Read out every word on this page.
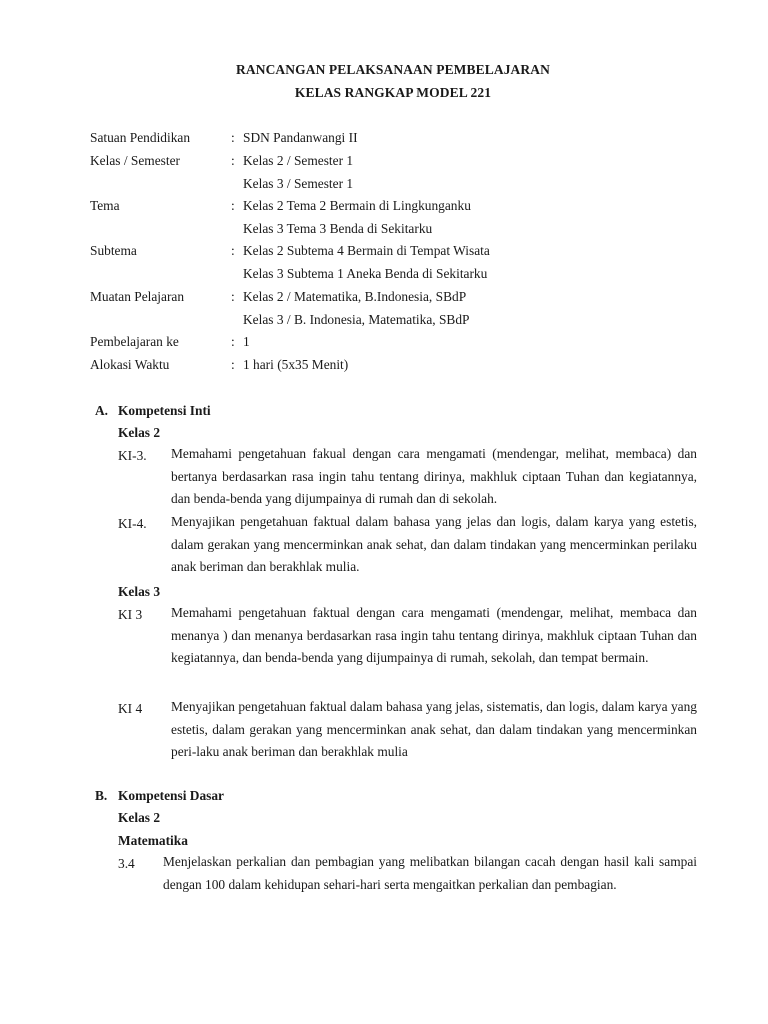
RANCANGAN PELAKSANAAN PEMBELAJARAN
KELAS RANGKAP MODEL 221
Satuan Pendidikan	: SDN Pandanwangi II
Kelas / Semester	: Kelas 2 / Semester 1
Kelas 3 / Semester 1
Tema	: Kelas 2 Tema 2 Bermain di Lingkunganku
Kelas 3 Tema 3 Benda di Sekitarku
Subtema	: Kelas 2 Subtema 4 Bermain di Tempat Wisata
Kelas 3 Subtema 1 Aneka Benda di Sekitarku
Muatan Pelajaran	: Kelas 2 / Matematika, B.Indonesia, SBdP
Kelas 3 / B. Indonesia, Matematika, SBdP
Pembelajaran ke	: 1
Alokasi Waktu	: 1 hari (5x35 Menit)
A. Kompetensi Inti
Kelas 2
KI-3. Memahami pengetahuan fakual dengan cara mengamati (mendengar, melihat, membaca) dan bertanya berdasarkan rasa ingin tahu tentang dirinya, makhluk ciptaan Tuhan dan kegiatannya, dan benda-benda yang dijumpainya di rumah dan di sekolah.
KI-4. Menyajikan pengetahuan faktual dalam bahasa yang jelas dan logis, dalam karya yang estetis, dalam gerakan yang mencerminkan anak sehat, dan dalam tindakan yang mencerminkan perilaku anak beriman dan berakhlak mulia.
Kelas 3
KI 3 Memahami pengetahuan faktual dengan cara mengamati (mendengar, melihat, membaca dan menanya ) dan menanya berdasarkan rasa ingin tahu tentang dirinya, makhluk ciptaan Tuhan dan kegiatannya, dan benda-benda yang dijumpainya di rumah, sekolah, dan tempat bermain.
KI 4 Menyajikan pengetahuan faktual dalam bahasa yang jelas, sistematis, dan logis, dalam karya yang estetis, dalam gerakan yang mencerminkan anak sehat, dan dalam tindakan yang mencerminkan peri-laku anak beriman dan berakhlak mulia
B. Kompetensi Dasar
Kelas 2
Matematika
3.4 Menjelaskan perkalian dan pembagian yang melibatkan bilangan cacah dengan hasil kali sampai dengan 100 dalam kehidupan sehari-hari serta mengaitkan perkalian dan pembagian.
